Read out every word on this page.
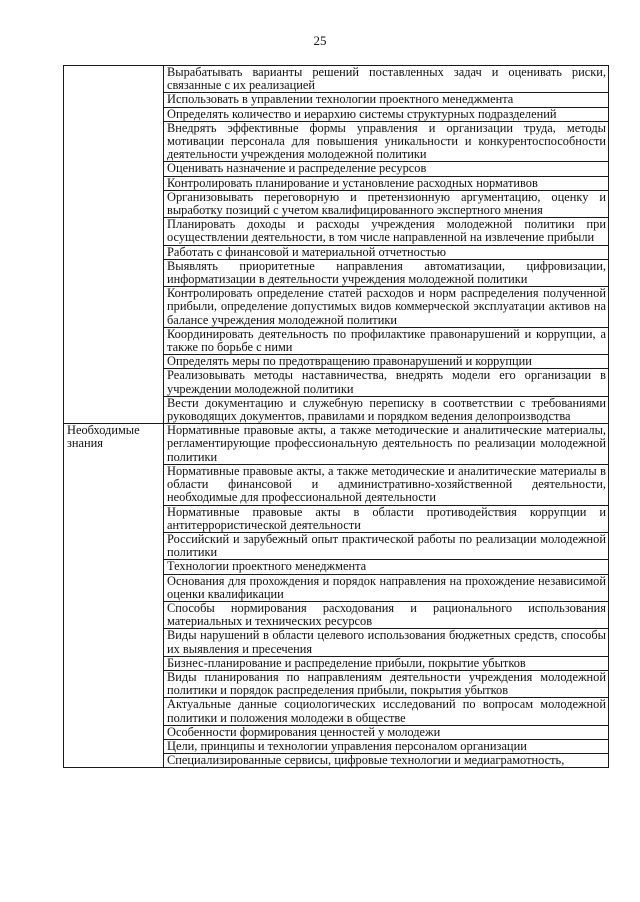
25
	Вырабатывать варианты решений поставленных задач и оценивать риски, связанные с их реализацией
	Использовать в управлении технологии проектного менеджмента
	Определять количество и иерархию системы структурных подразделений
	Внедрять эффективные формы управления и организации труда, методы мотивации персонала для повышения уникальности и конкурентоспособности деятельности учреждения молодежной политики
	Оценивать назначение и распределение ресурсов
	Контролировать планирование и установление расходных нормативов
	Организовывать переговорную и претензионную аргументацию, оценку и выработку позиций с учетом квалифицированного экспертного мнения
	Планировать доходы и расходы учреждения молодежной политики при осуществлении деятельности, в том числе направленной на извлечение прибыли
	Работать с финансовой и материальной отчетностью
	Выявлять приоритетные направления автоматизации, цифровизации, информатизации в деятельности учреждения молодежной политики
	Контролировать определение статей расходов и норм распределения полученной прибыли, определение допустимых видов коммерческой эксплуатации активов на балансе учреждения молодежной политики
	Координировать деятельность по профилактике правонарушений и коррупции, а также по борьбе с ними
	Определять меры по предотвращению правонарушений и коррупции
	Реализовывать методы наставничества, внедрять модели его организации в учреждении молодежной политики
	Вести документацию и служебную переписку в соответствии с требованиями руководящих документов, правилами и порядком ведения делопроизводства
Необходимые знания	Нормативные правовые акты, а также методические и аналитические материалы, регламентирующие профессиональную деятельность по реализации молодежной политики
	Нормативные правовые акты, а также методические и аналитические материалы в области финансовой и административно-хозяйственной деятельности, необходимые для профессиональной деятельности
	Нормативные правовые акты в области противодействия коррупции и антитеррористической деятельности
	Российский и зарубежный опыт практической работы по реализации молодежной политики
	Технологии проектного менеджмента
	Основания для прохождения и порядок направления на прохождение независимой оценки квалификации
	Способы нормирования расходования и рационального использования материальных и технических ресурсов
	Виды нарушений в области целевого использования бюджетных средств, способы их выявления и пресечения
	Бизнес-планирование и распределение прибыли, покрытие убытков
	Виды планирования по направлениям деятельности учреждения молодежной политики и порядок распределения прибыли, покрытия убытков
	Актуальные данные социологических исследований по вопросам молодежной политики и положения молодежи в обществе
	Особенности формирования ценностей у молодежи
	Цели, принципы и технологии управления персоналом организации
	Специализированные сервисы, цифровые технологии и медиаграмотность,
